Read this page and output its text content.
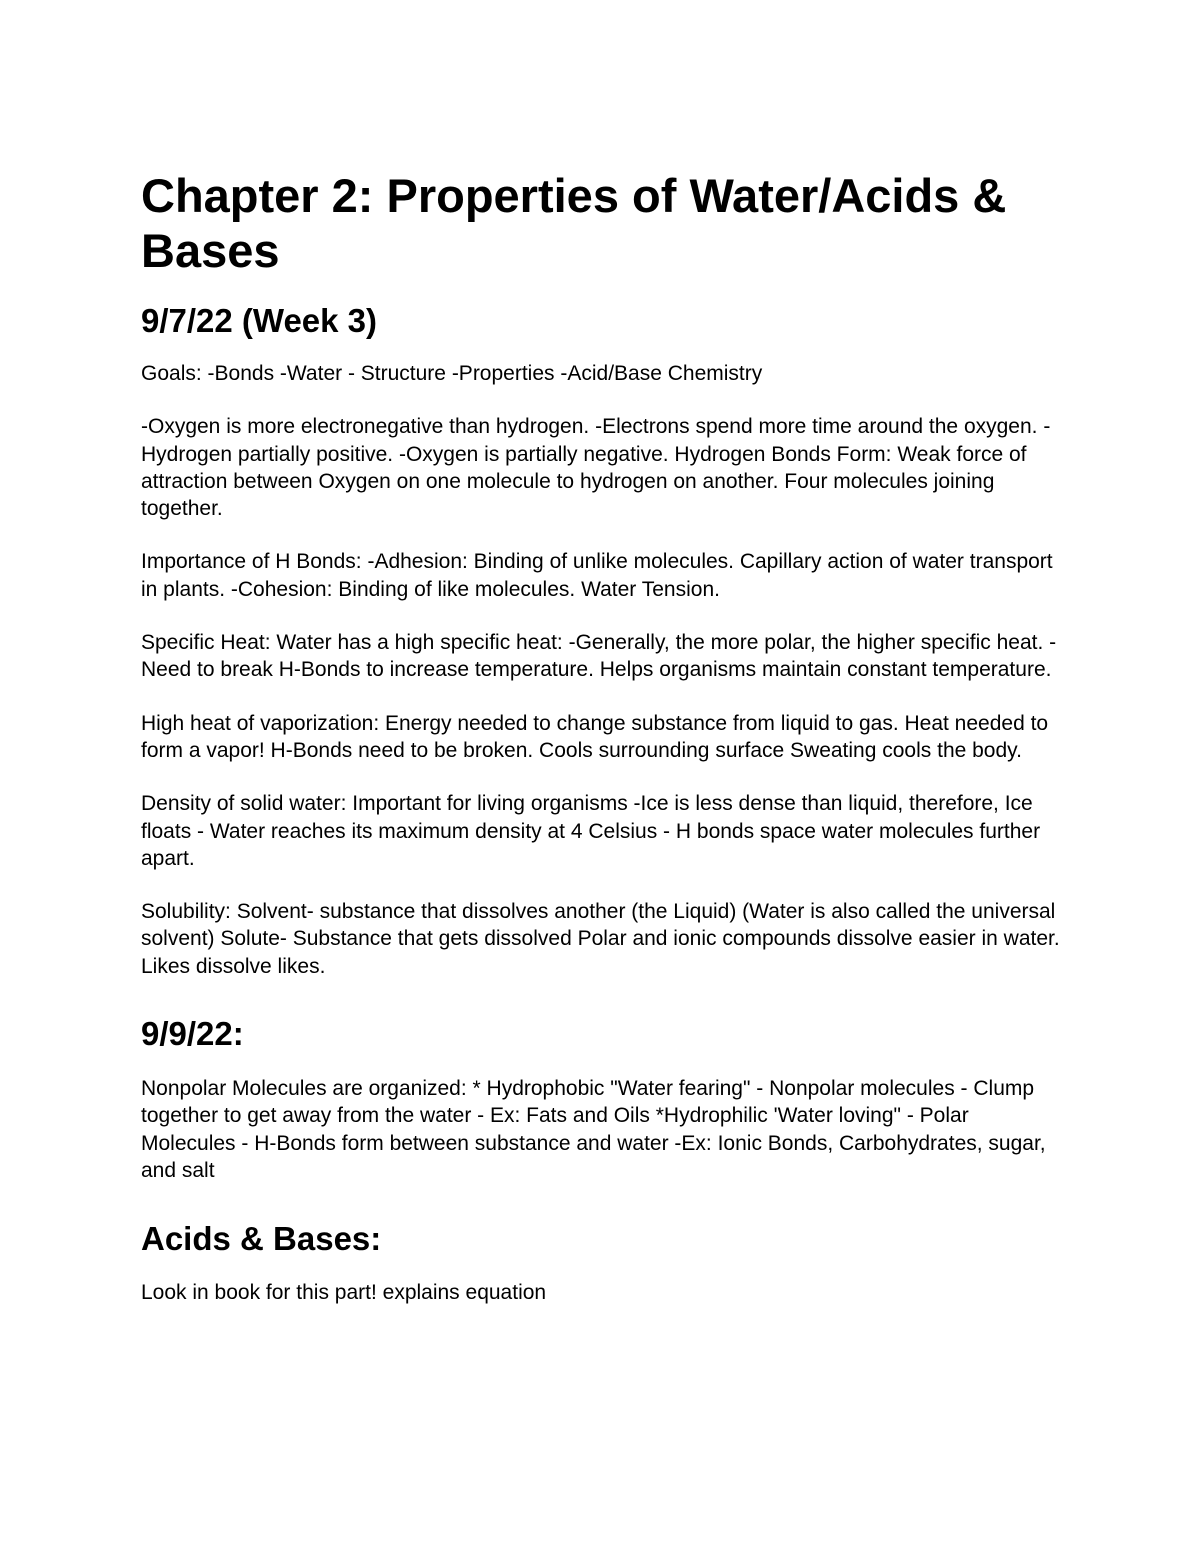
Chapter 2: Properties of Water/Acids & Bases
9/7/22 (Week 3)

Goals: -Bonds -Water - Structure -Properties -Acid/Base Chemistry

-Oxygen is more electronegative than hydrogen. -Electrons spend more time around the oxygen. -Hydrogen partially positive. -Oxygen is partially negative. Hydrogen Bonds Form: Weak force of attraction between Oxygen on one molecule to hydrogen on another. Four molecules joining together.

Importance of H Bonds: -Adhesion: Binding of unlike molecules. Capillary action of water transport in plants. -Cohesion: Binding of like molecules. Water Tension.

Specific Heat: Water has a high specific heat: -Generally, the more polar, the higher specific heat. -Need to break H-Bonds to increase temperature. Helps organisms maintain constant temperature.

High heat of vaporization: Energy needed to change substance from liquid to gas. Heat needed to form a vapor! H-Bonds need to be broken. Cools surrounding surface Sweating cools the body.

Density of solid water: Important for living organisms -Ice is less dense than liquid, therefore, Ice floats - Water reaches its maximum density at 4 Celsius - H bonds space water molecules further apart.

Solubility: Solvent- substance that dissolves another (the Liquid) (Water is also called the universal solvent) Solute- Substance that gets dissolved Polar and ionic compounds dissolve easier in water. Likes dissolve likes.

9/9/22:

Nonpolar Molecules are organized: * Hydrophobic "Water fearing" - Nonpolar molecules - Clump together to get away from the water - Ex: Fats and Oils *Hydrophilic 'Water loving" - Polar Molecules - H-Bonds form between substance and water -Ex: Ionic Bonds, Carbohydrates, sugar, and salt

Acids & Bases:

Look in book for this part! explains equation
